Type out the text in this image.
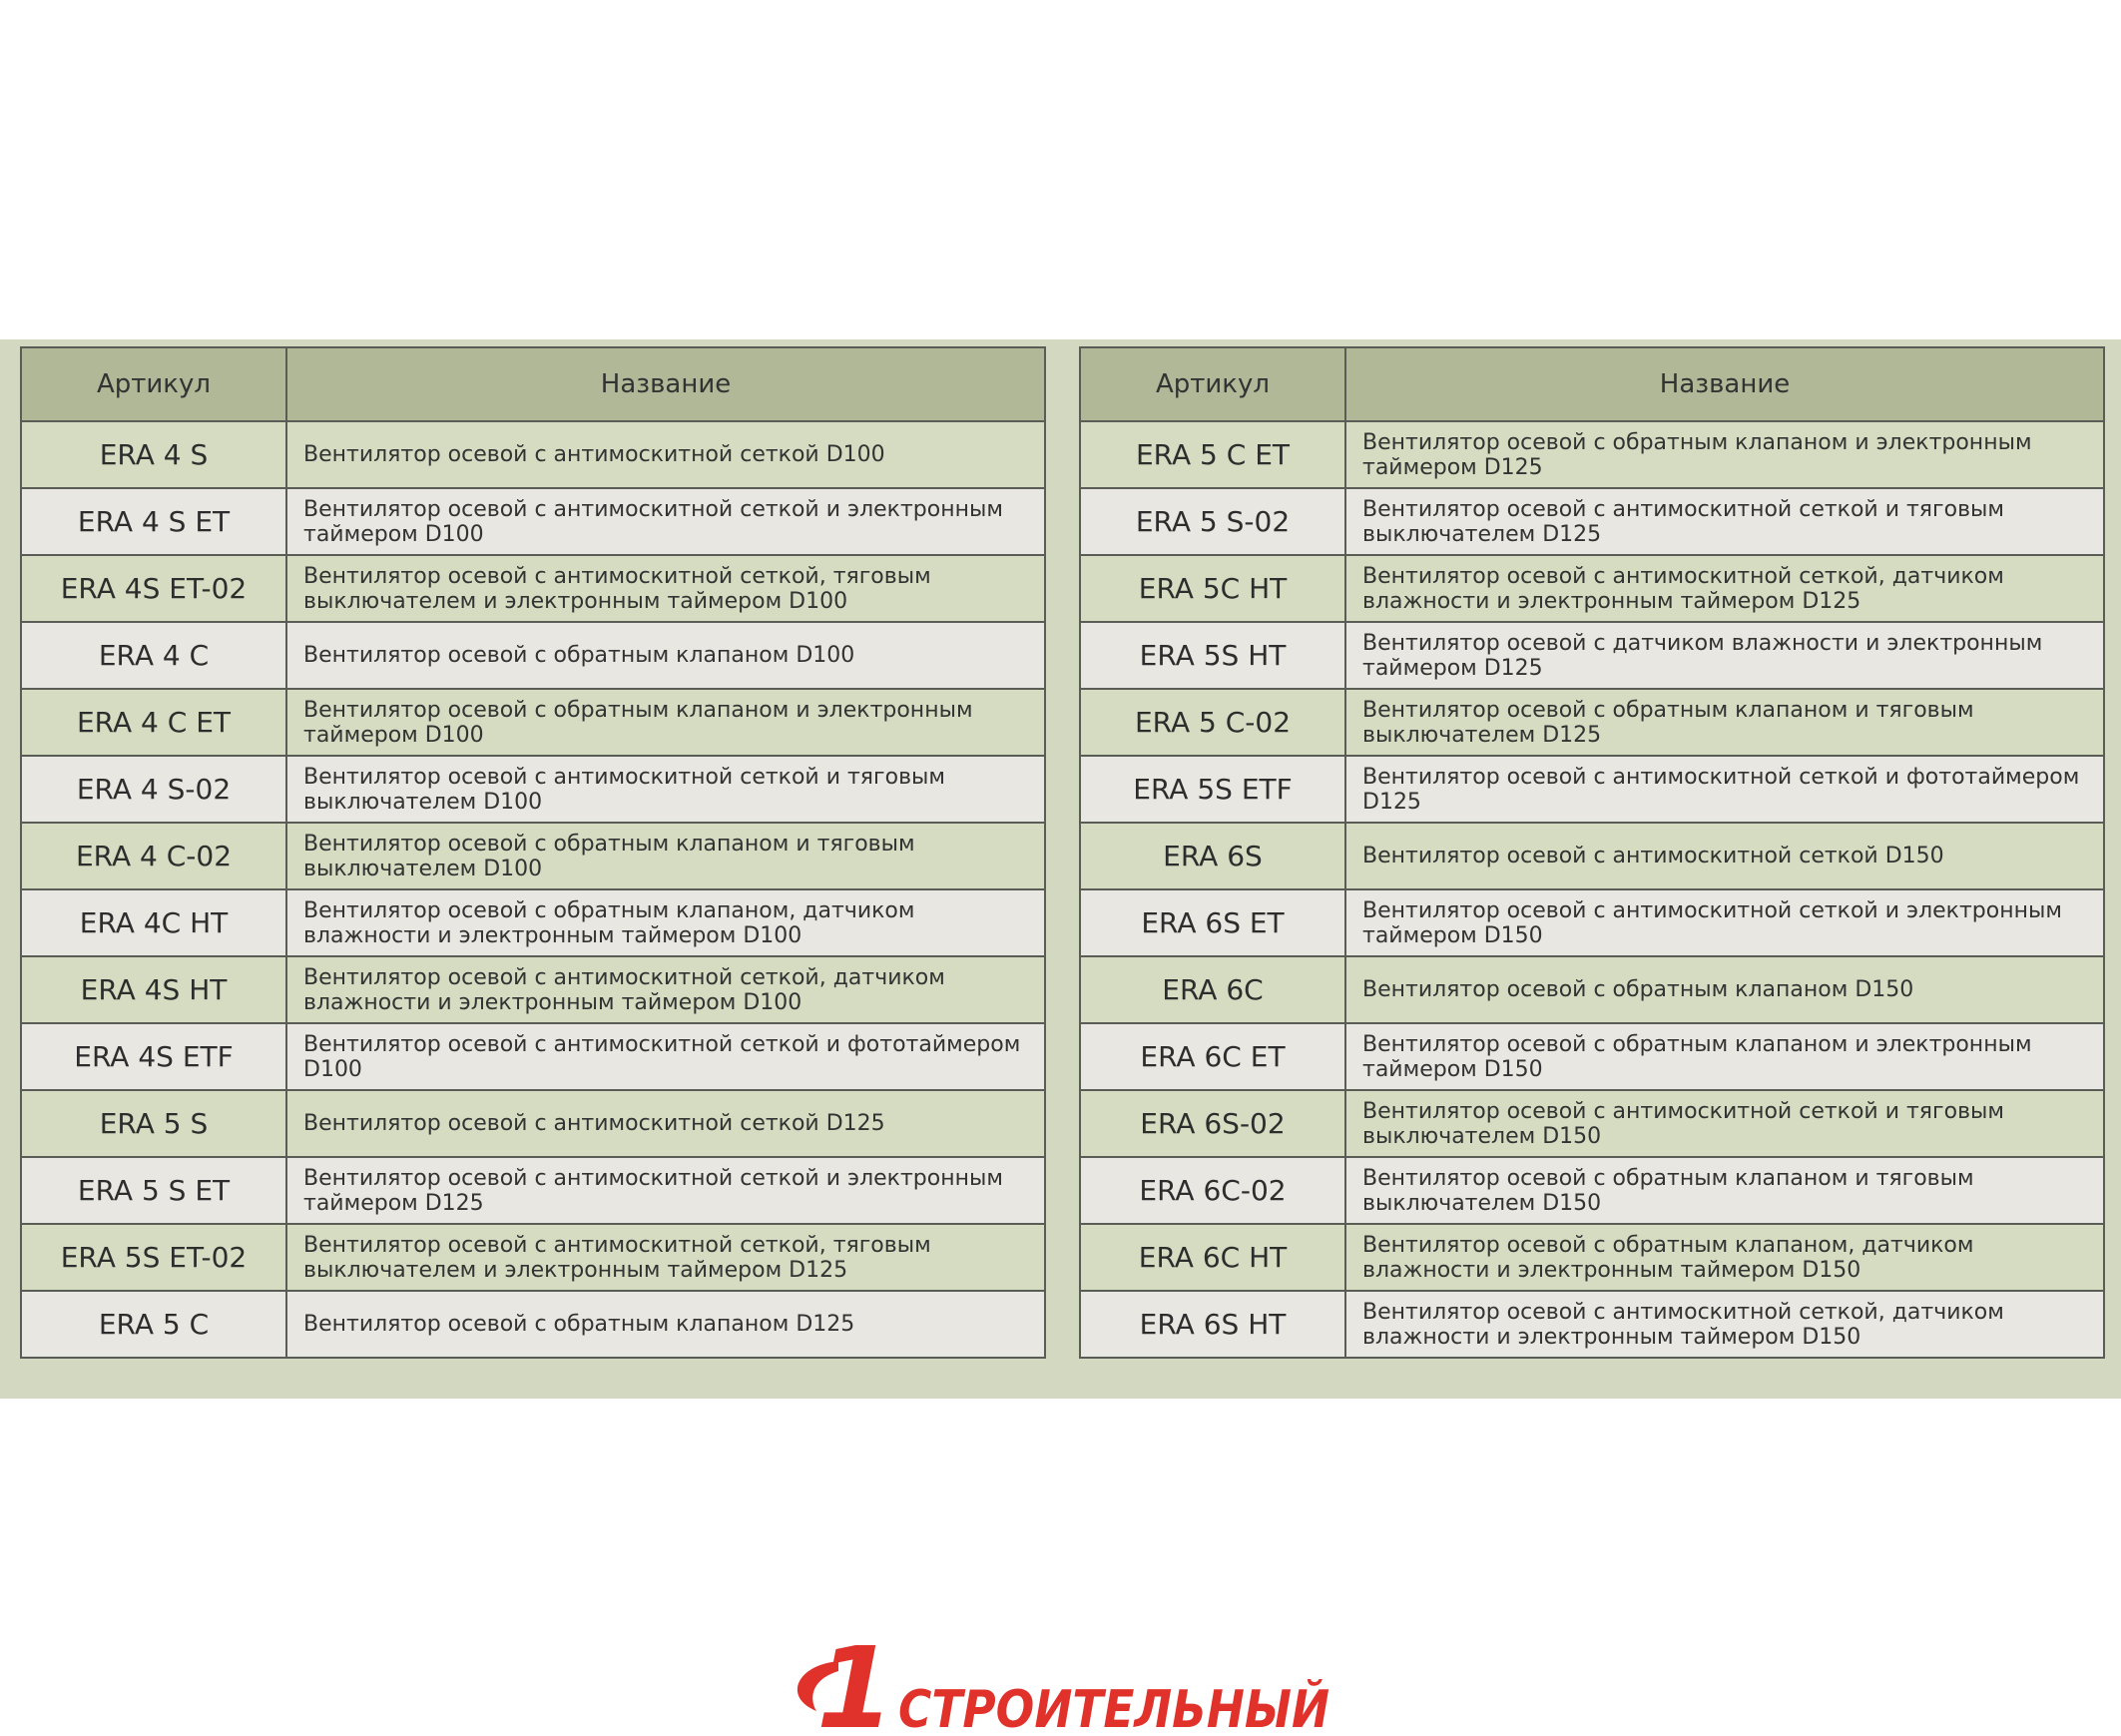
Артикул	Название
ERA 4 S	Вентилятор осевой с антимоскитной сеткой D100
ERA 4 S ET	Вентилятор осевой с антимоскитной сеткой и электронным таймером D100
ERA 4S ET-02	Вентилятор осевой с антимоскитной сеткой, тяговым выключателем и электронным таймером D100
ERA 4 C	Вентилятор осевой с обратным клапаном D100
ERA 4 C ET	Вентилятор осевой с обратным клапаном и электронным таймером D100
ERA 4 S-02	Вентилятор осевой с антимоскитной сеткой и тяговым выключателем D100
ERA 4 C-02	Вентилятор осевой с обратным клапаном и тяговым выключателем D100
ERA 4C HT	Вентилятор осевой с обратным клапаном, датчиком влажности и электронным таймером D100
ERA 4S HT	Вентилятор осевой с антимоскитной сеткой, датчиком влажности и электронным таймером D100
ERA 4S ETF	Вентилятор осевой с антимоскитной сеткой и фототаймером D100
ERA 5 S	Вентилятор осевой с антимоскитной сеткой D125
ERA 5 S ET	Вентилятор осевой с антимоскитной сеткой и электронным таймером D125
ERA 5S ET-02	Вентилятор осевой с антимоскитной сеткой, тяговым выключателем и электронным таймером D125
ERA 5 C	Вентилятор осевой с обратным клапаном D125
Артикул	Название
ERA 5 C ET	Вентилятор осевой с обратным клапаном и электронным таймером D125
ERA 5 S-02	Вентилятор осевой с антимоскитной сеткой и тяговым выключателем D125
ERA 5C HT	Вентилятор осевой с антимоскитной сеткой, датчиком влажности и электронным таймером D125
ERA 5S HT	Вентилятор осевой с датчиком влажности и электронным таймером D125
ERA 5 C-02	Вентилятор осевой с обратным клапаном и тяговым выключателем D125
ERA 5S ETF	Вентилятор осевой с антимоскитной сеткой и фототаймером D125
ERA 6S	Вентилятор осевой с антимоскитной сеткой D150
ERA 6S ET	Вентилятор осевой с антимоскитной сеткой и электронным таймером D150
ERA 6C	Вентилятор осевой с обратным клапаном D150
ERA 6C ET	Вентилятор осевой с обратным клапаном и электронным таймером D150
ERA 6S-02	Вентилятор осевой с антимоскитной сеткой и тяговым выключателем D150
ERA 6C-02	Вентилятор осевой с обратным клапаном и тяговым выключателем D150
ERA 6C HT	Вентилятор осевой с обратным клапаном, датчиком влажности и электронным таймером D150
ERA 6S HT	Вентилятор осевой с антимоскитной сеткой, датчиком влажности и электронным таймером D150
1 СТРОИТЕЛЬНЫЙ
